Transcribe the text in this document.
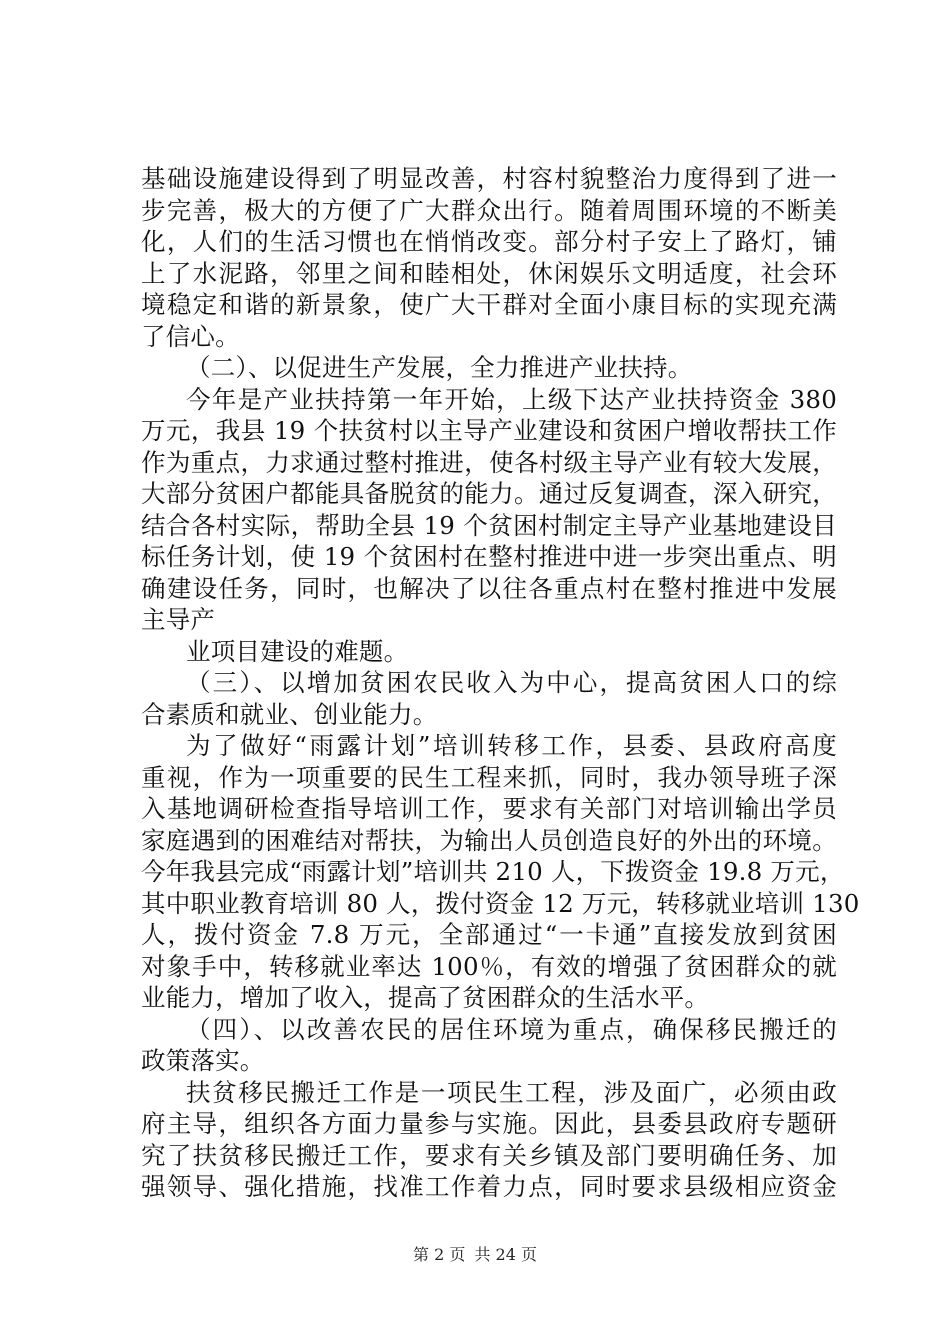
基础设施建设得到了明显改善，村容村貌整治力度得到了进一
步完善，极大的方便了广大群众出行。随着周围环境的不断美
化，人们的生活习惯也在悄悄改变。部分村子安上了路灯，铺
上了水泥路，邻里之间和睦相处，休闲娱乐文明适度，社会环
境稳定和谐的新景象，使广大干群对全面小康目标的实现充满
了信心。
（二）、以促进生产发展，全力推进产业扶持。
今年是产业扶持第一年开始，上级下达产业扶持资金 380
万元，我县 19 个扶贫村以主导产业建设和贫困户增收帮扶工作
作为重点，力求通过整村推进，使各村级主导产业有较大发展，
大部分贫困户都能具备脱贫的能力。通过反复调查，深入研究，
结合各村实际，帮助全县 19 个贫困村制定主导产业基地建设目
标任务计划，使 19 个贫困村在整村推进中进一步突出重点、明
确建设任务，同时，也解决了以往各重点村在整村推进中发展
主导产
业项目建设的难题。
（三）、以增加贫困农民收入为中心，提高贫困人口的综
合素质和就业、创业能力。
为了做好“雨露计划”培训转移工作，县委、县政府高度
重视，作为一项重要的民生工程来抓，同时，我办领导班子深
入基地调研检查指导培训工作，要求有关部门对培训输出学员
家庭遇到的困难结对帮扶，为输出人员创造良好的外出的环境。
今年我县完成“雨露计划”培训共 210 人，下拨资金 19.8 万元，
其中职业教育培训 80 人，拨付资金 12 万元，转移就业培训 130
人，拨付资金 7.8 万元，全部通过“一卡通”直接发放到贫困
对象手中，转移就业率达 100％，有效的增强了贫困群众的就
业能力，增加了收入，提高了贫困群众的生活水平。
（四）、以改善农民的居住环境为重点，确保移民搬迁的
政策落实。
扶贫移民搬迁工作是一项民生工程，涉及面广，必须由政
府主导，组织各方面力量参与实施。因此，县委县政府专题研
究了扶贫移民搬迁工作，要求有关乡镇及部门要明确任务、加
强领导、强化措施，找准工作着力点，同时要求县级相应资金
第 2 页 共 24 页
